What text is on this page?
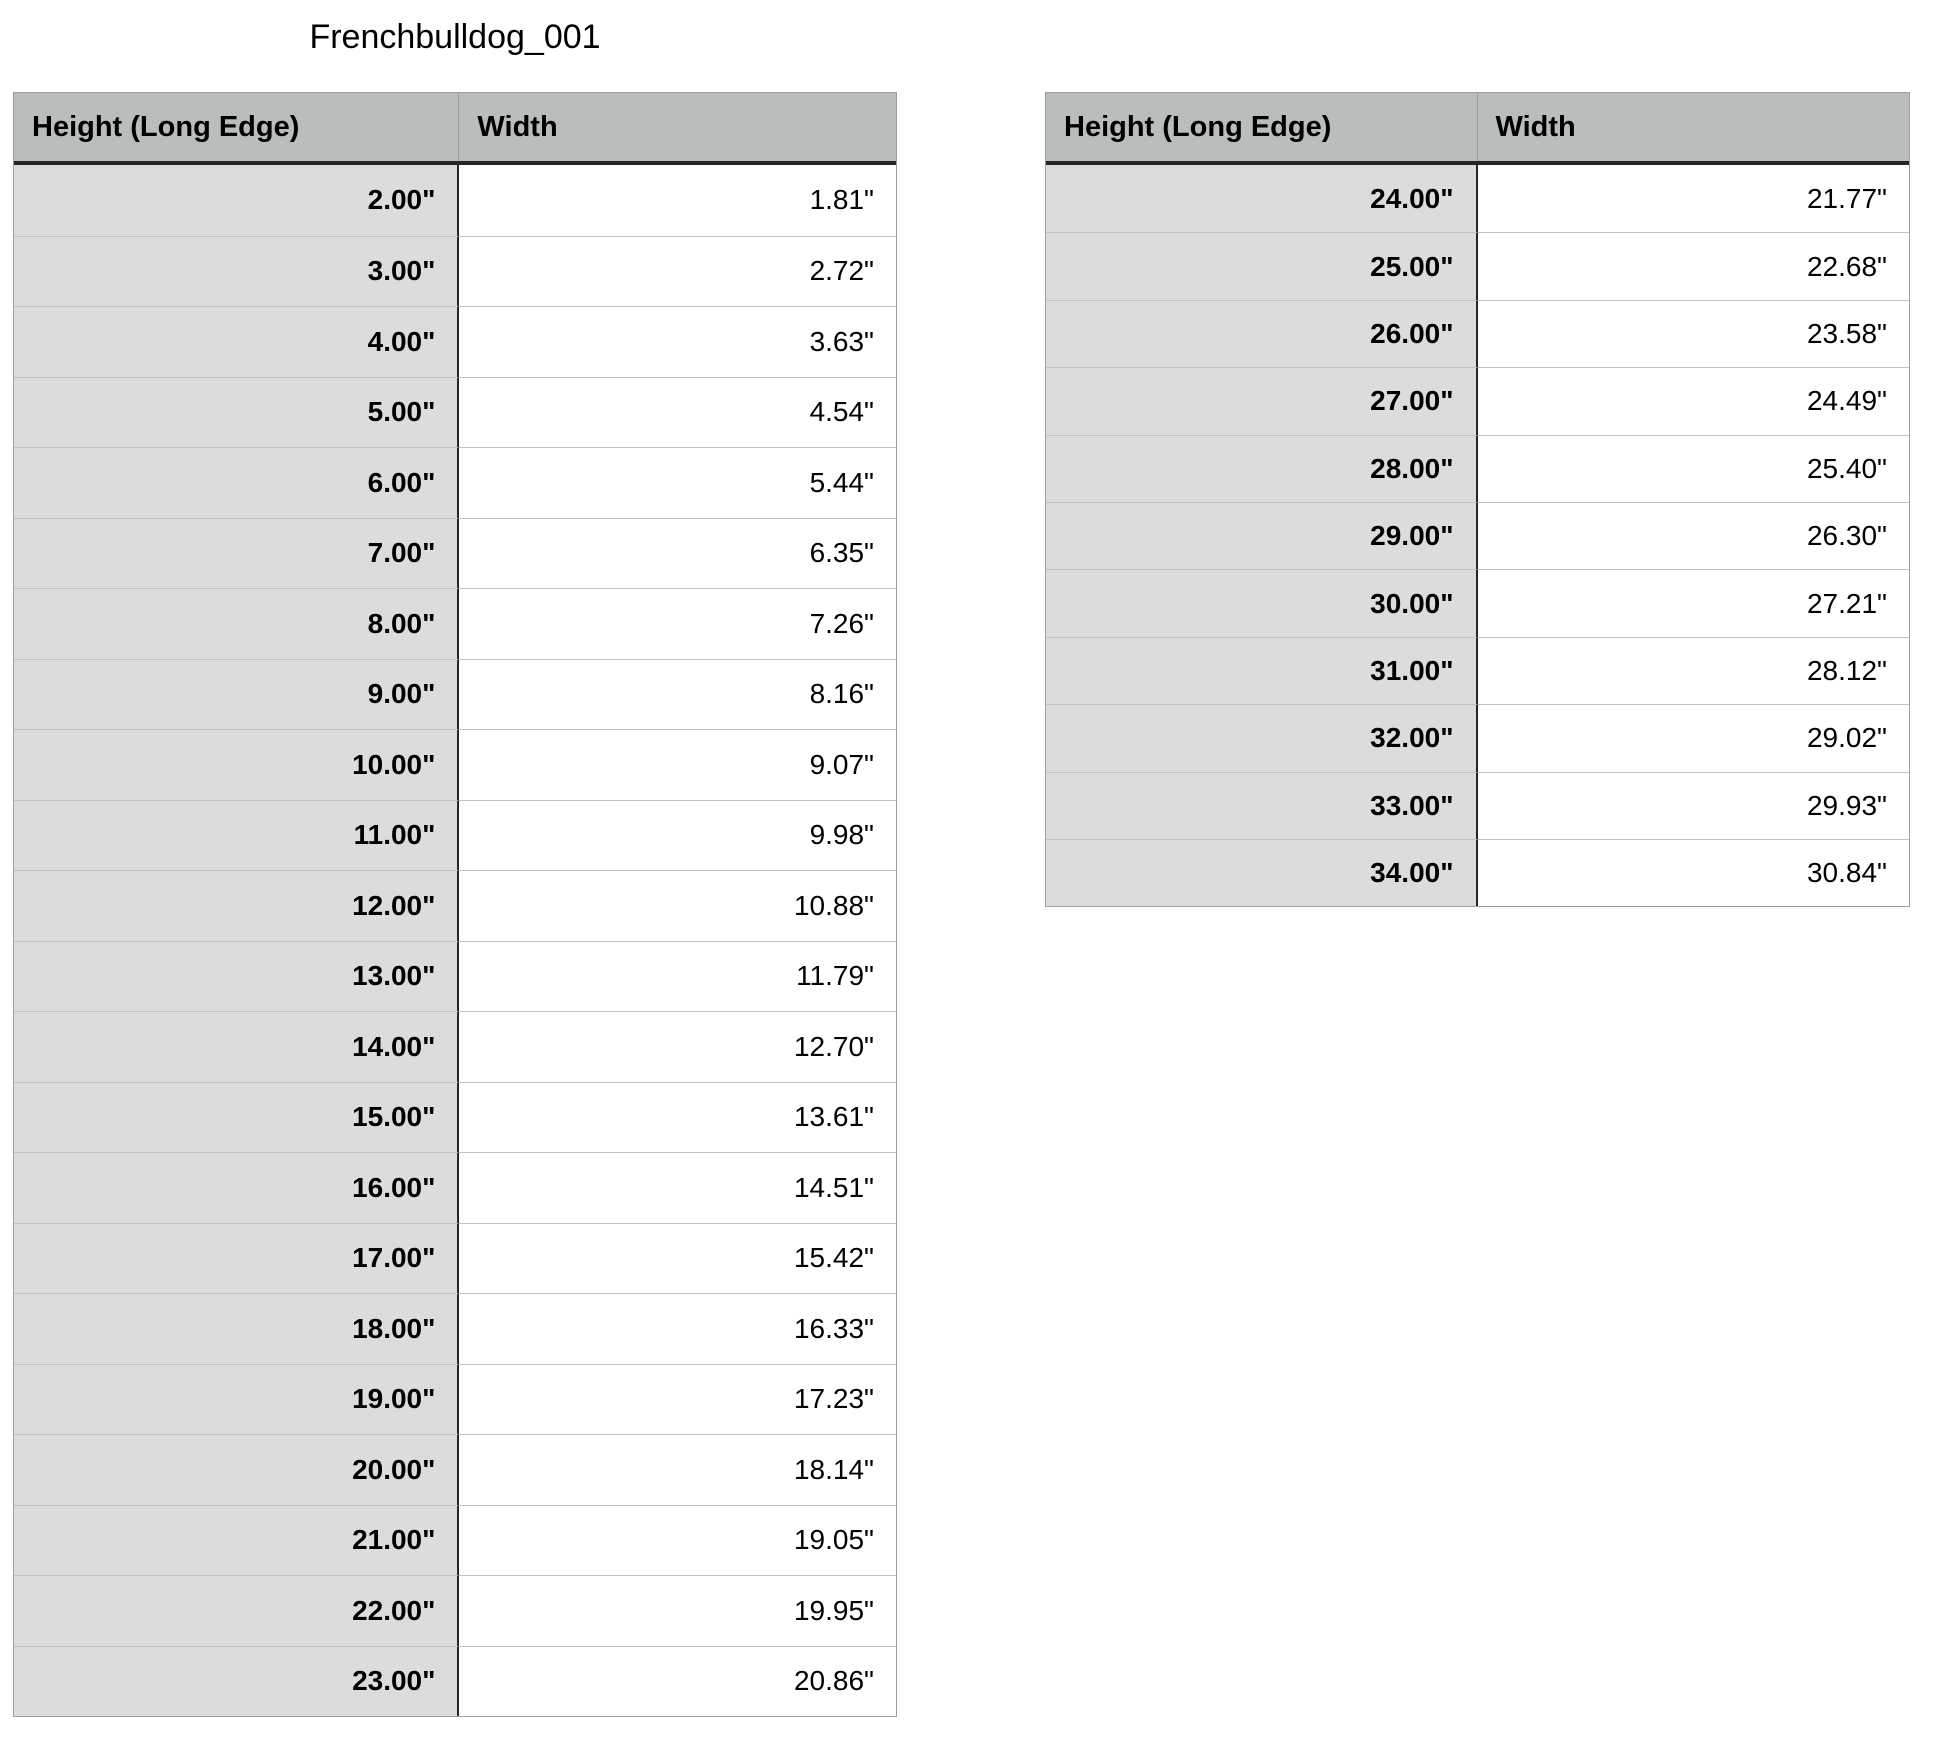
Frenchbulldog_001
Height (Long Edge)	Width
2.00"	1.81"
3.00"	2.72"
4.00"	3.63"
5.00"	4.54"
6.00"	5.44"
7.00"	6.35"
8.00"	7.26"
9.00"	8.16"
10.00"	9.07"
11.00"	9.98"
12.00"	10.88"
13.00"	11.79"
14.00"	12.70"
15.00"	13.61"
16.00"	14.51"
17.00"	15.42"
18.00"	16.33"
19.00"	17.23"
20.00"	18.14"
21.00"	19.05"
22.00"	19.95"
23.00"	20.86"
Height (Long Edge)	Width
24.00"	21.77"
25.00"	22.68"
26.00"	23.58"
27.00"	24.49"
28.00"	25.40"
29.00"	26.30"
30.00"	27.21"
31.00"	28.12"
32.00"	29.02"
33.00"	29.93"
34.00"	30.84"
